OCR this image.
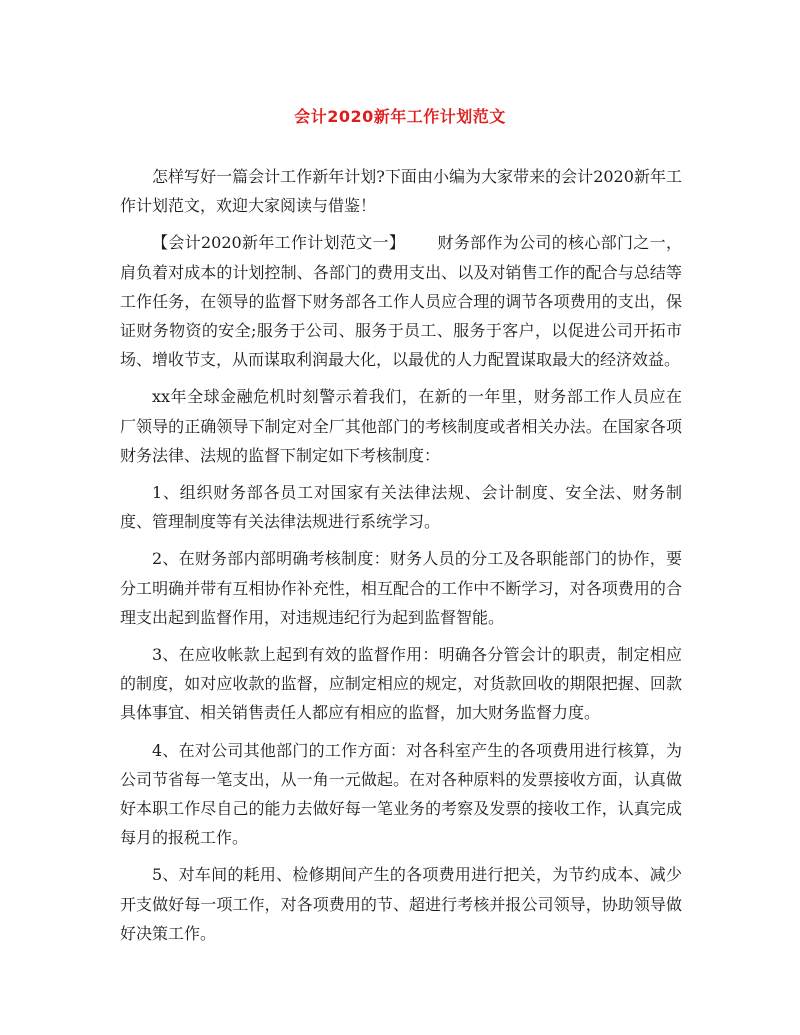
会计2020新年工作计划范文

怎样写好一篇会计工作新年计划?下面由小编为大家带来的会计2020新年工作计划范文，欢迎大家阅读与借鉴！

【会计2020新年工作计划范文一】   财务部作为公司的核心部门之一，肩负着对成本的计划控制、各部门的费用支出、以及对销售工作的配合与总结等工作任务，在领导的监督下财务部各工作人员应合理的调节各项费用的支出，保证财务物资的安全;服务于公司、服务于员工、服务于客户，以促进公司开拓市场、增收节支，从而谋取利润最大化，以最优的人力配置谋取最大的经济效益。

xx年全球金融危机时刻警示着我们，在新的一年里，财务部工作人员应在厂领导的正确领导下制定对全厂其他部门的考核制度或者相关办法。在国家各项财务法律、法规的监督下制定如下考核制度：

1、组织财务部各员工对国家有关法律法规、会计制度、安全法、财务制度、管理制度等有关法律法规进行系统学习。

2、在财务部内部明确考核制度：财务人员的分工及各职能部门的协作，要分工明确并带有互相协作补充性，相互配合的工作中不断学习，对各项费用的合理支出起到监督作用，对违规违纪行为起到监督智能。

3、在应收帐款上起到有效的监督作用：明确各分管会计的职责，制定相应的制度，如对应收款的监督，应制定相应的规定，对货款回收的期限把握、回款具体事宜、相关销售责任人都应有相应的监督，加大财务监督力度。

4、在对公司其他部门的工作方面：对各科室产生的各项费用进行核算，为公司节省每一笔支出，从一角一元做起。在对各种原料的发票接收方面，认真做好本职工作尽自己的能力去做好每一笔业务的考察及发票的接收工作，认真完成每月的报税工作。

5、对车间的耗用、检修期间产生的各项费用进行把关，为节约成本、减少开支做好每一项工作，对各项费用的节、超进行考核并报公司领导，协助领导做好决策工作。
